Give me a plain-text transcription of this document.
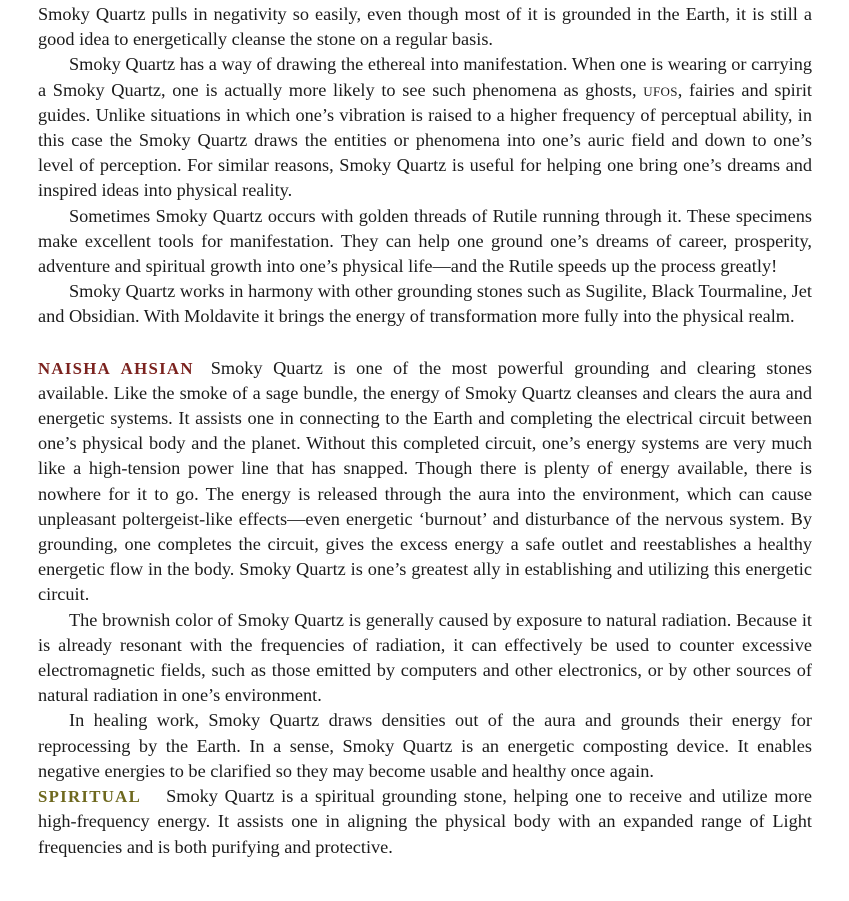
Smoky Quartz pulls in negativity so easily, even though most of it is grounded in the Earth, it is still a good idea to energetically cleanse the stone on a regular basis.

Smoky Quartz has a way of drawing the ethereal into manifestation. When one is wearing or carrying a Smoky Quartz, one is actually more likely to see such phenomena as ghosts, UFOs, fairies and spirit guides. Unlike situations in which one’s vibration is raised to a higher frequency of perceptual ability, in this case the Smoky Quartz draws the entities or phenomena into one’s auric field and down to one’s level of perception. For similar reasons, Smoky Quartz is useful for helping one bring one’s dreams and inspired ideas into physical reality.

Sometimes Smoky Quartz occurs with golden threads of Rutile running through it. These specimens make excellent tools for manifestation. They can help one ground one’s dreams of career, prosperity, adventure and spiritual growth into one’s physical life—and the Rutile speeds up the process greatly!

Smoky Quartz works in harmony with other grounding stones such as Sugilite, Black Tourmaline, Jet and Obsidian. With Moldavite it brings the energy of transformation more fully into the physical realm.

NAISHA AHSIAN Smoky Quartz is one of the most powerful grounding and clearing stones available. Like the smoke of a sage bundle, the energy of Smoky Quartz cleanses and clears the aura and energetic systems. It assists one in connecting to the Earth and completing the electrical circuit between one’s physical body and the planet. Without this completed circuit, one’s energy systems are very much like a high-tension power line that has snapped. Though there is plenty of energy available, there is nowhere for it to go. The energy is released through the aura into the environment, which can cause unpleasant poltergeist-like effects—even energetic ‘burnout’ and disturbance of the nervous system. By grounding, one completes the circuit, gives the excess energy a safe outlet and reestablishes a healthy energetic flow in the body. Smoky Quartz is one’s greatest ally in establishing and utilizing this energetic circuit.

The brownish color of Smoky Quartz is generally caused by exposure to natural radiation. Because it is already resonant with the frequencies of radiation, it can effectively be used to counter excessive electromagnetic fields, such as those emitted by computers and other electronics, or by other sources of natural radiation in one’s environment.

In healing work, Smoky Quartz draws densities out of the aura and grounds their energy for reprocessing by the Earth. In a sense, Smoky Quartz is an energetic composting device. It enables negative energies to be clarified so they may become usable and healthy once again.

SPIRITUAL Smoky Quartz is a spiritual grounding stone, helping one to receive and utilize more high-frequency energy. It assists one in aligning the physical body with an expanded range of Light frequencies and is both purifying and protective.
